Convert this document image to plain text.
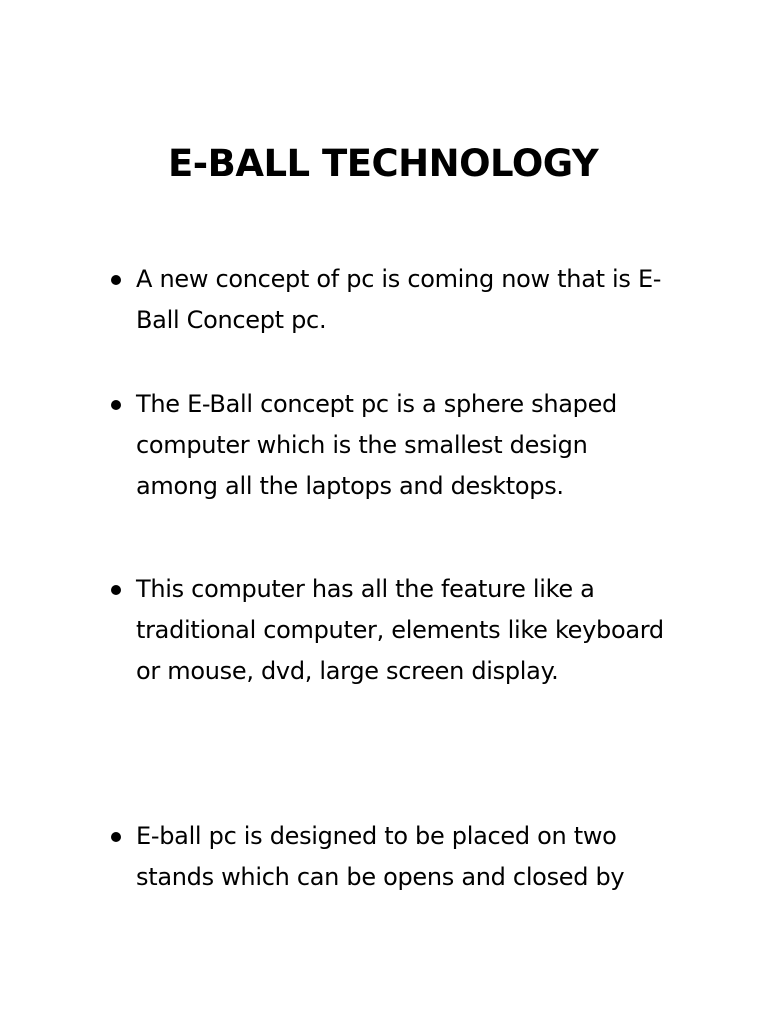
E-BALL TECHNOLOGY
A new concept of pc is coming now that is E-Ball Concept pc.
The E-Ball concept pc is a sphere shaped computer which is the smallest design among all the laptops and desktops.
This computer has all the feature like a traditional computer, elements like keyboard or mouse, dvd, large screen display.
E-ball pc is designed to be placed on two stands which can be opens and closed by
